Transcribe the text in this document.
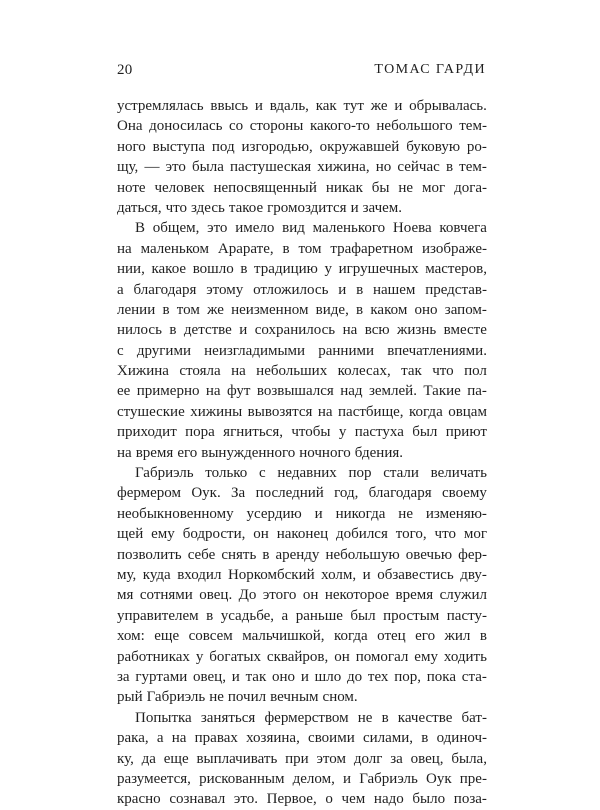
20	ТОМАС ГАРДИ
устремлялась ввысь и вдаль, как тут же и обрывалась.
Она доносилась со стороны какого-то небольшого тем-
ного выступа под изгородью, окружавшей буковую ро-
щу, — это была пастушеская хижина, но сейчас в тем-
ноте человек непосвященный никак бы не мог дога-
даться, что здесь такое громоздится и зачем.
В общем, это имело вид маленького Ноева ковчега
на маленьком Арарате, в том трафаретном изображе-
нии, какое вошло в традицию у игрушечных мастеров,
а благодаря этому отложилось и в нашем представ-
лении в том же неизменном виде, в каком оно запом-
нилось в детстве и сохранилось на всю жизнь вместе
с другими неизгладимыми ранними впечатлениями.
Хижина стояла на небольших колесах, так что пол
ее примерно на фут возвышался над землей. Такие па-
стушеские хижины вывозятся на пастбище, когда овцам
приходит пора ягниться, чтобы у пастуха был приют
на время его вынужденного ночного бдения.
Габриэль только с недавних пор стали величать
фермером Оук. За последний год, благодаря своему
необыкновенному усердию и никогда не изменяю-
щей ему бодрости, он наконец добился того, что мог
позволить себе снять в аренду небольшую овечью фер-
му, куда входил Норкомбский холм, и обзавестись дву-
мя сотнями овец. До этого он некоторое время служил
управителем в усадьбе, а раньше был простым пасту-
хом: еще совсем мальчишкой, когда отец его жил в
работниках у богатых сквайров, он помогал ему ходить
за гуртами овец, и так оно и шло до тех пор, пока ста-
рый Габриэль не почил вечным сном.
Попытка заняться фермерством не в качестве бат-
рака, а на правах хозяина, своими силами, в одиноч-
ку, да еще выплачивать при этом долг за овец, была,
разумеется, рискованным делом, и Габриэль Оук пре-
красно сознавал это. Первое, о чем надо было поза-
